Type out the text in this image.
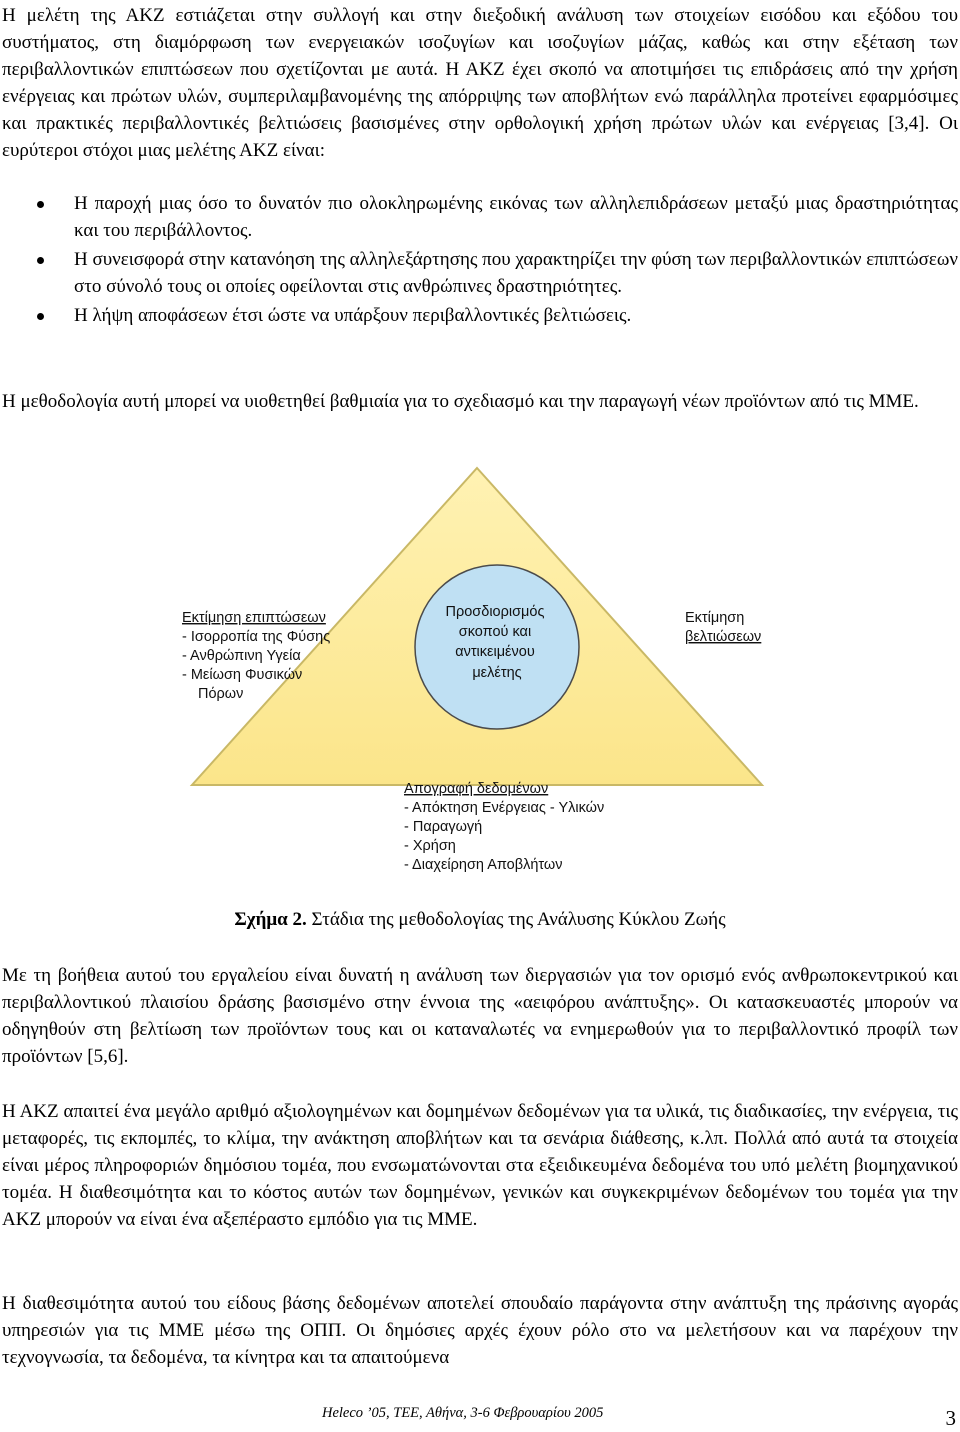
Η μελέτη της ΑΚΖ εστιάζεται στην συλλογή και στην διεξοδική ανάλυση των στοιχείων εισόδου και εξόδου του συστήματος, στη διαμόρφωση των ενεργειακών ισοζυγίων και ισοζυγίων μάζας, καθώς και στην εξέταση των περιβαλλοντικών επιπτώσεων που σχετίζονται με αυτά. Η ΑΚΖ έχει σκοπό να αποτιμήσει τις επιδράσεις από την χρήση ενέργειας και πρώτων υλών, συμπεριλαμβανομένης της απόρριψης των αποβλήτων ενώ παράλληλα προτείνει εφαρμόσιμες και πρακτικές περιβαλλοντικές βελτιώσεις βασισμένες στην ορθολογική χρήση πρώτων υλών και ενέργειας [3,4]. Οι ευρύτεροι στόχοι μιας μελέτης ΑΚΖ είναι:

Η παροχή μιας όσο το δυνατόν πιο ολοκληρωμένης εικόνας των αλληλεπιδράσεων μεταξύ μιας δραστηριότητας και του περιβάλλοντος.
Η συνεισφορά στην κατανόηση της αλληλεξάρτησης που χαρακτηρίζει την φύση των περιβαλλοντικών επιπτώσεων στο σύνολό τους οι οποίες οφείλονται στις ανθρώπινες δραστηριότητες.
Η λήψη αποφάσεων έτσι ώστε να υπάρξουν περιβαλλοντικές βελτιώσεις.

Η μεθοδολογία αυτή μπορεί να υιοθετηθεί βαθμιαία για το σχεδιασμό και την παραγωγή νέων προϊόντων από τις ΜΜΕ.

Προσδιορισμός σκοπού και αντικειμένου μελέτης
Εκτίμηση επιπτώσεων - Ισορροπία της Φύσης - Ανθρώπινη Υγεία - Μείωση Φυσικών Πόρων
Εκτίμηση βελτιώσεων
Απογραφή δεδομένων - Απόκτηση Ενέργειας - Υλικών - Παραγωγή - Χρήση - Διαχείρηση Αποβλήτων
Σχήμα 2. Στάδια της μεθοδολογίας της Ανάλυσης Κύκλου Ζωής

Με τη βοήθεια αυτού του εργαλείου είναι δυνατή η ανάλυση των διεργασιών για τον ορισμό ενός ανθρωποκεντρικού και περιβαλλοντικού πλαισίου δράσης βασισμένο στην έννοια της «αειφόρου ανάπτυξης». Οι κατασκευαστές μπορούν να οδηγηθούν στη βελτίωση των προϊόντων τους και οι καταναλωτές να ενημερωθούν για το περιβαλλοντικό προφίλ των προϊόντων [5,6].

Η ΑΚΖ απαιτεί ένα μεγάλο αριθμό αξιολογημένων και δομημένων δεδομένων για τα υλικά, τις διαδικασίες, την ενέργεια, τις μεταφορές, τις εκπομπές, το κλίμα, την ανάκτηση αποβλήτων και τα σενάρια διάθεσης, κ.λπ. Πολλά από αυτά τα στοιχεία είναι μέρος πληροφοριών δημόσιου τομέα, που ενσωματώνονται στα εξειδικευμένα δεδομένα του υπό μελέτη βιομηχανικού τομέα. Η διαθεσιμότητα και το κόστος αυτών των δομημένων, γενικών και συγκεκριμένων δεδομένων του τομέα για την ΑΚΖ μπορούν να είναι ένα αξεπέραστο εμπόδιο για τις ΜΜΕ.

Η διαθεσιμότητα αυτού του είδους βάσης δεδομένων αποτελεί σπουδαίο παράγοντα στην ανάπτυξη της πράσινης αγοράς υπηρεσιών για τις ΜΜΕ μέσω της ΟΠΠ. Οι δημόσιες αρχές έχουν ρόλο στο να μελετήσουν και να παρέχουν την τεχνογνωσία, τα δεδομένα, τα κίνητρα και τα απαιτούμενα

Heleco ’05, ΤΕΕ, Αθήνα, 3-6 Φεβρουαρίου 2005	3
